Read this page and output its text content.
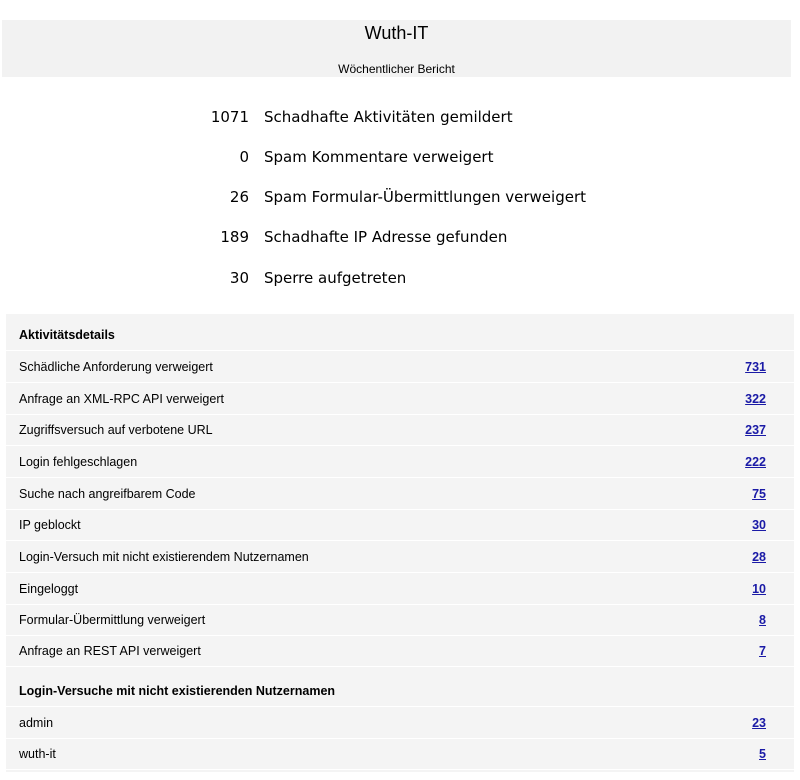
Wuth-IT
Wöchentlicher Bericht
1071 Schadhafte Aktivitäten gemildert
0 Spam Kommentare verweigert
26 Spam Formular-Übermittlungen verweigert
189 Schadhafte IP Adresse gefunden
30 Sperre aufgetreten
Aktivitätsdetails
Schädliche Anforderung verweigert	731
Anfrage an XML-RPC API verweigert	322
Zugriffsversuch auf verbotene URL	237
Login fehlgeschlagen	222
Suche nach angreifbarem Code	75
IP geblockt	30
Login-Versuch mit nicht existierendem Nutzernamen	28
Eingeloggt	10
Formular-Übermittlung verweigert	8
Anfrage an REST API verweigert	7
Login-Versuche mit nicht existierenden Nutzernamen
admin	23
wuth-it	5
